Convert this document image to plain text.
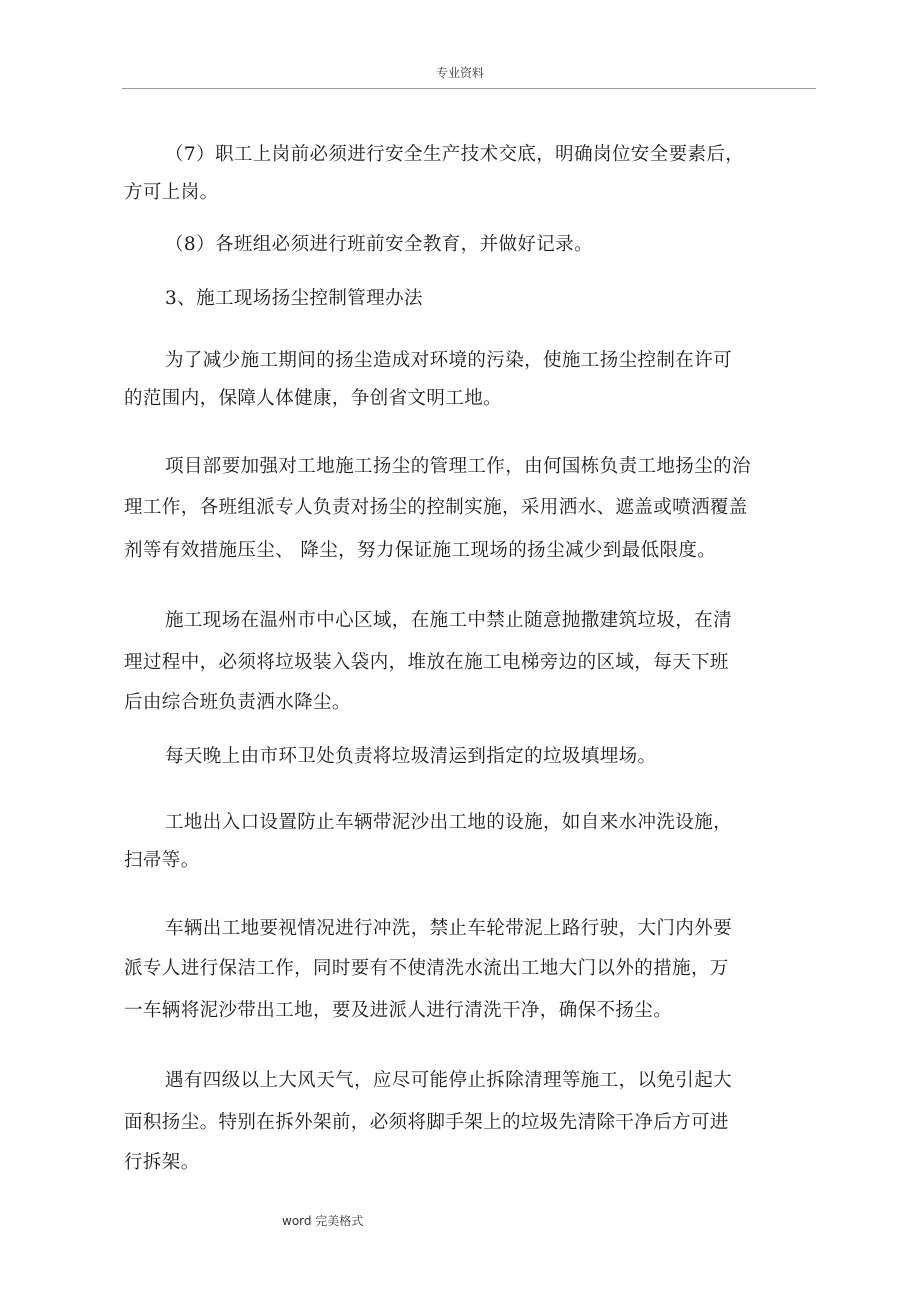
专业资料
（7）职工上岗前必须进行安全生产技术交底，明确岗位安全要素后，
方可上岗。
（8）各班组必须进行班前安全教育，并做好记录。
3、施工现场扬尘控制管理办法
为了减少施工期间的扬尘造成对环境的污染，使施工扬尘控制在许可
的范围内，保障人体健康，争创省文明工地。
项目部要加强对工地施工扬尘的管理工作，由何国栋负责工地扬尘的治
理工作，各班组派专人负责对扬尘的控制实施，采用洒水、遮盖或喷洒覆盖
剂等有效措施压尘、 降尘，努力保证施工现场的扬尘减少到最低限度。
施工现场在温州市中心区域，在施工中禁止随意抛撒建筑垃圾，在清
理过程中，必须将垃圾装入袋内，堆放在施工电梯旁边的区域，每天下班
后由综合班负责洒水降尘。
每天晚上由市环卫处负责将垃圾清运到指定的垃圾填埋场。
工地出入口设置防止车辆带泥沙出工地的设施，如自来水冲洗设施，
扫帚等。
车辆出工地要视情况进行冲洗，禁止车轮带泥上路行驶，大门内外要
派专人进行保洁工作，同时要有不使清洗水流出工地大门以外的措施，万
一车辆将泥沙带出工地，要及进派人进行清洗干净，确保不扬尘。
遇有四级以上大风天气，应尽可能停止拆除清理等施工，以免引起大
面积扬尘。特别在拆外架前，必须将脚手架上的垃圾先清除干净后方可进
行拆架。
word 完美格式
